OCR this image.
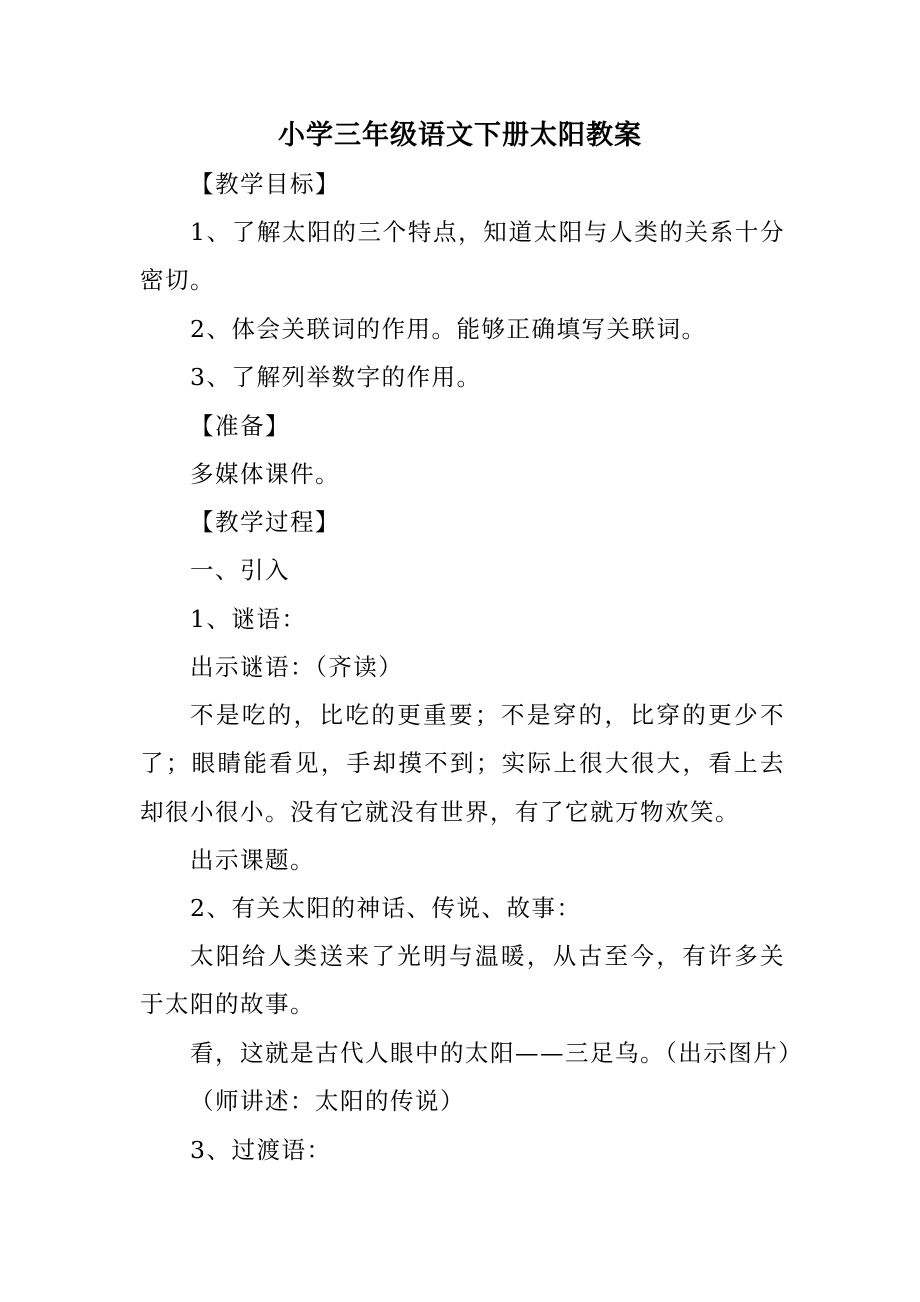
小学三年级语文下册太阳教案
【教学目标】
1、了解太阳的三个特点，知道太阳与人类的关系十分密切。
2、体会关联词的作用。能够正确填写关联词。
3、了解列举数字的作用。
【准备】
多媒体课件。
【教学过程】
一、引入
1、谜语：
出示谜语：（齐读）
不是吃的，比吃的更重要；不是穿的，比穿的更少不了；眼睛能看见，手却摸不到；实际上很大很大，看上去却很小很小。没有它就没有世界，有了它就万物欢笑。
出示课题。
2、有关太阳的神话、传说、故事：
太阳给人类送来了光明与温暖，从古至今，有许多关于太阳的故事。
看，这就是古代人眼中的太阳——三足乌。（出示图片）
（师讲述：太阳的传说）
3、过渡语：
